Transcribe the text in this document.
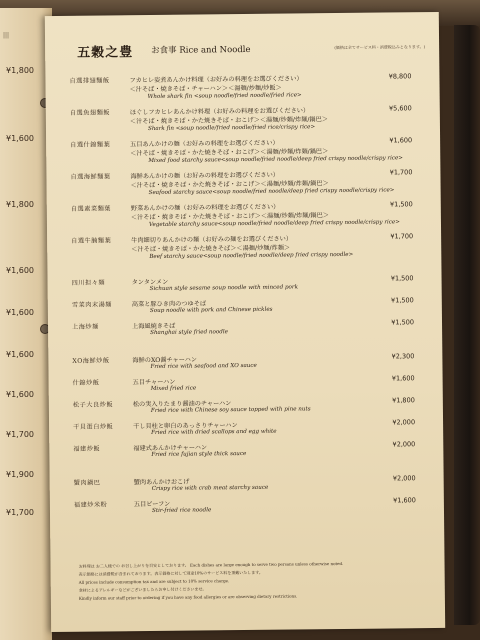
|||
¥1,800
¥1,600
¥1,800
¥1,600
¥1,600
¥1,600
¥1,600
¥1,700
¥1,900
¥1,700
五穀之豊 お食事 Rice and Noodle	(価格は全てサービス料・消費税込みとなります。)
自選排翅麵飯	フカヒレ姿煮あんかけ料理（お好みの料理をお選びください）
＜汁そば・焼きそば・チャーハン＞＜湯麺/炒麺/炒飯＞
Whole shark fin <soup noodle/fried noodle/fried rice>
¥8,800
自選魚翅麵飯	ほぐしフカヒレあんかけ料理（お好みの料理をお選びください）
＜汁そば・焼きそば・かた焼きそば・おこげ＞＜湯麺/炒麺/炸麺/鍋巴＞
Shark fin <soup noodle/fried noodle/fried rice/crispy rice>
¥5,600
自選什錦麵葉	五目あんかけの麺（お好みの料理をお選びください）
＜汁そば・焼きそば・かた焼きそば・おこげ＞＜湯麺/炒麺/炸麺/鍋巴＞
Mixed food starchy sauce<soup noodle/fried noodle/deep fried crispy noodle/crispy rice>
¥1,600
自選海鮮麵葉	海鮮あんかけの麺（お好みの料理をお選びください）
＜汁そば・焼きそば・かた焼きそば・おこげ＞＜湯麺/炒麺/炸麺/鍋巴＞
Seafood starchy sauce<soup noodle/fried noodle/deep fried crispy noodle/crispy rice>
¥1,700
自選素菜麵葉	野菜あんかけの麺（お好みの料理をお選びください）
＜汁そば・焼きそば・かた焼きそば・おこげ＞＜湯麺/炒麺/炸麺/鍋巴＞
Vegetable starchy sauce<soup noodle/fried noodle/deep fried crispy noodle/crispy rice>
¥1,500
自選牛腩麵葉	牛肉細切りあんかけの麺（お好みの麺をお選びください）
＜汁そば・焼きそば・かた焼きそば＞＜湯麺/炒麺/炸麺＞
Beef starchy sauce<soup noodle/fried noodle/deep fried crispy noodle>
¥1,700
四川担々麺	タンタンメン
Sichuan style sesame soup noodle with minced pork
¥1,500
雪菜肉末湯麺	高菜と豚ひき肉のつゆそば
Soup noodle with pork and Chinese pickles
¥1,500
上海炒麺	上海風焼きそば
Shanghai style fried noodle
¥1,500
XO海鮮炒飯	海鮮のXO醤チャーハン
Fried rice with seafood and XO sauce
¥2,300
什錦炒飯	五目チャーハン
Mixed fried rice
¥1,600
松子大良炒飯	松の実入りたまり醤油のチャーハン
Fried rice with Chinese soy sauce topped with pine nuts
¥1,800
干貝蛋白炒飯	干し貝柱と卵白のあっさりチャーハン
Fried rice with dried scallops and egg white
¥2,000
福建炒飯	福建式あんかけチャーハン
Fried rice fujian style thick sauce
¥2,000
蟹肉鍋巴	蟹肉あんかけおこげ
Crispy rice with crab meat starchy sauce
¥2,000
福建炒米粉	五目ビーフン
Stir-fried rice noodle
¥1,600
お料理は お二人様での お召し上がりを目安としております。 Each dishes are large enough to serve two persons unless otherwise noted.
表示価格には消費税が含まれております。表示価格に対して別途10%のサービス料を頂戴いたします。
All prices include consumption tax and are subject to 10% service charge.
食材によるアレルギーなどがございましたらお申し付けくださいませ。
Kindly inform our staff prior to ordering if you have any food allergies or are observing dietary restrictions.
